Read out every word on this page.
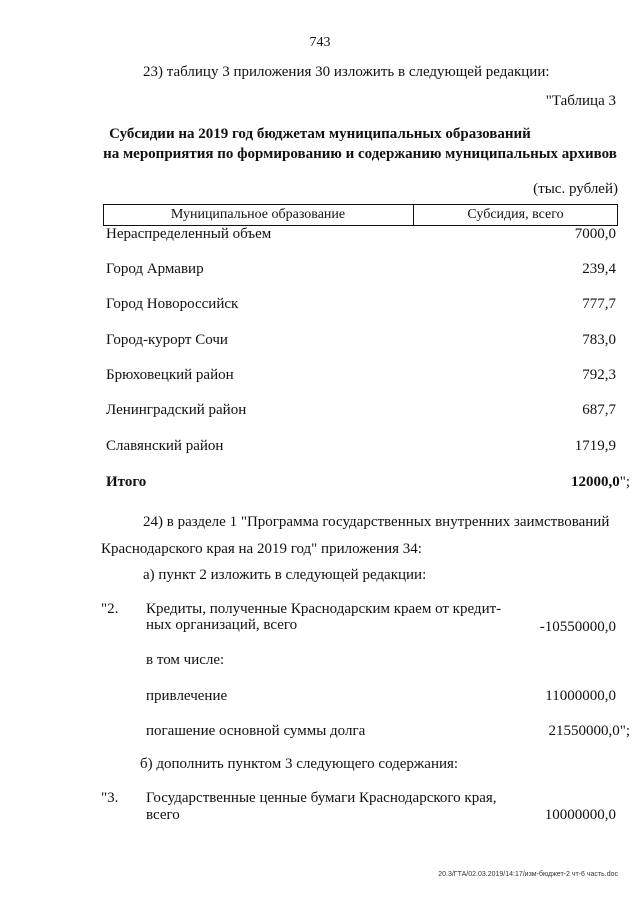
743
23) таблицу 3 приложения 30 изложить в следующей редакции:
"Таблица 3
Субсидии на 2019 год бюджетам муниципальных образований
на мероприятия по формированию и содержанию муниципальных архивов
(тыс. рублей)
Муниципальное образование	Субсидия, всего
Нераспределенный объем	7000,0
Город Армавир	239,4
Город Новороссийск	777,7
Город-курорт Сочи	783,0
Брюховецкий район	792,3
Ленинградский район	687,7
Славянский район	1719,9
Итого	12000,0";
24) в разделе 1 "Программа государственных внутренних заимствований
Краснодарского края на 2019 год" приложения 34:
а) пункт 2 изложить в следующей редакции:
"2. Кредиты, полученные Краснодарским краем от кредит-
ных организаций, всего	-10550000,0
в том числе:
привлечение	11000000,0
погашение основной суммы долга	21550000,0";
б) дополнить пунктом 3 следующего содержания:
"3. Государственные ценные бумаги Краснодарского края,
всего	10000000,0
20.3/ГТА/02.03.2019/14:17/изм-бюджет-2 чт-6 часть.doc
